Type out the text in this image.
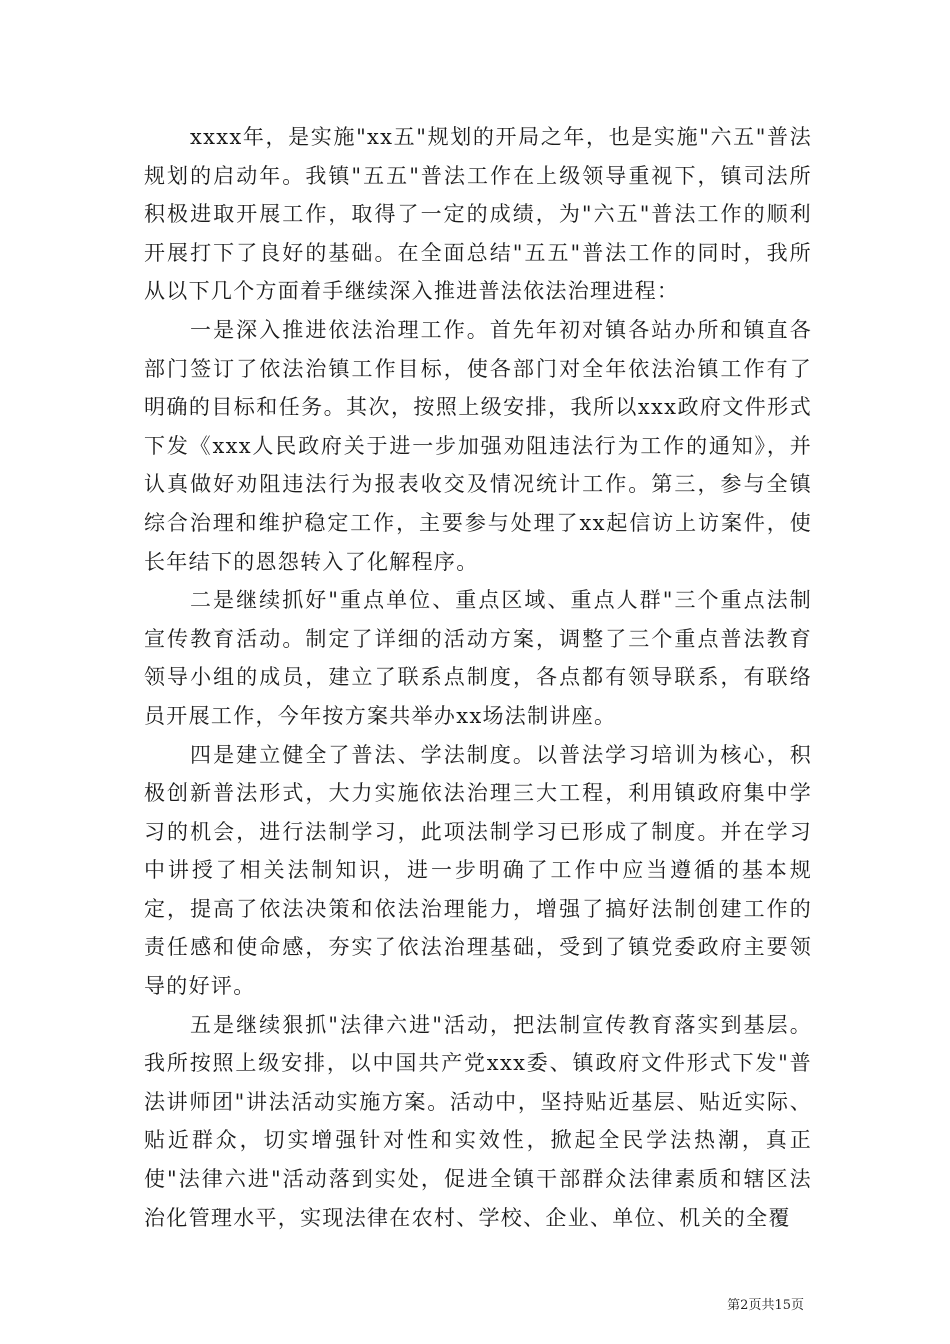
xxxx年，是实施"xx五"规划的开局之年，也是实施"六五"普法规划的启动年。我镇"五五"普法工作在上级领导重视下，镇司法所积极进取开展工作，取得了一定的成绩，为"六五"普法工作的顺利开展打下了良好的基础。在全面总结"五五"普法工作的同时，我所从以下几个方面着手继续深入推进普法依法治理进程：

一是深入推进依法治理工作。首先年初对镇各站办所和镇直各部门签订了依法治镇工作目标，使各部门对全年依法治镇工作有了明确的目标和任务。其次，按照上级安排，我所以xxx政府文件形式下发《xxx人民政府关于进一步加强劝阻违法行为工作的通知》，并认真做好劝阻违法行为报表收交及情况统计工作。第三，参与全镇综合治理和维护稳定工作，主要参与处理了xx起信访上访案件，使长年结下的恩怨转入了化解程序。

二是继续抓好"重点单位、重点区域、重点人群"三个重点法制宣传教育活动。制定了详细的活动方案，调整了三个重点普法教育领导小组的成员，建立了联系点制度，各点都有领导联系，有联络员开展工作，今年按方案共举办xx场法制讲座。

四是建立健全了普法、学法制度。以普法学习培训为核心，积极创新普法形式，大力实施依法治理三大工程，利用镇政府集中学习的机会，进行法制学习，此项法制学习已形成了制度。并在学习中讲授了相关法制知识，进一步明确了工作中应当遵循的基本规定，提高了依法决策和依法治理能力，增强了搞好法制创建工作的责任感和使命感，夯实了依法治理基础，受到了镇党委政府主要领导的好评。

五是继续狠抓"法律六进"活动，把法制宣传教育落实到基层。我所按照上级安排，以中国共产党xxx委、镇政府文件形式下发"普法讲师团"讲法活动实施方案。活动中，坚持贴近基层、贴近实际、贴近群众，切实增强针对性和实效性，掀起全民学法热潮，真正使"法律六进"活动落到实处，促进全镇干部群众法律素质和辖区法治化管理水平，实现法律在农村、学校、企业、单位、机关的全覆

第2页共15页
